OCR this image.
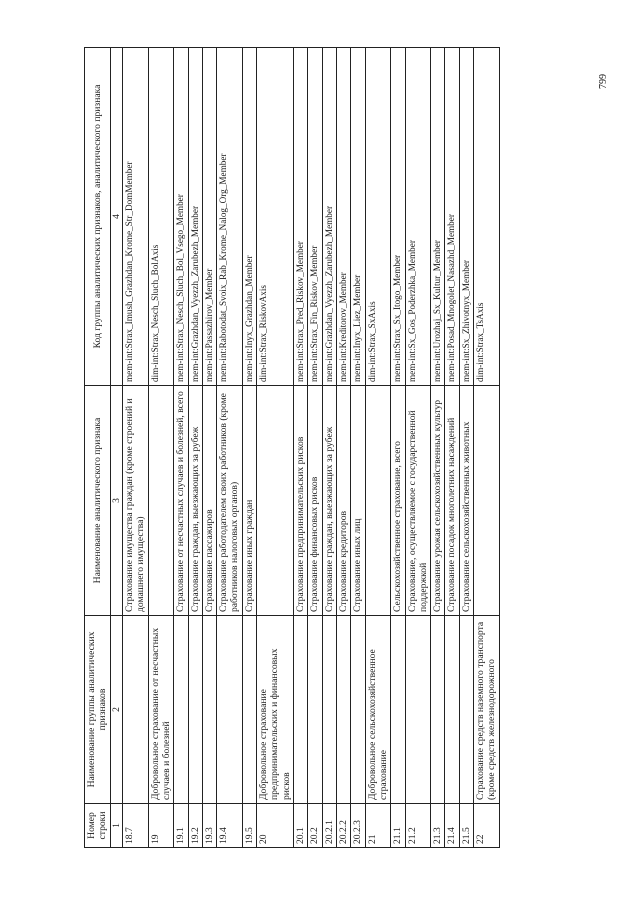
Номер строки	Наименование группы аналитических признаков	Наименование аналитического признака	Код группы аналитических признаков, аналитического признака
1	2	3	4
18.7		Страхование имущества граждан (кроме строений и домашнего имущества)	mem-int:Strax_Imush_Grazhdan_Krome_Str_DomMember
19	Добровольное страхование от несчастных случаев и болезней		dim-int:Strax_Nesch_Sluch_BolAxis
19.1		Страхование от несчастных случаев и болезней, всего	mem-int:Strax_Nesch_Sluch_Bol_Vsego_Member
19.2		Страхование граждан, выезжающих за рубеж	mem-int:Grazhdan_Vyezzh_Zarubezh_Member
19.3		Страхование пассажиров	mem-int:Passazhirov_Member
19.4		Страхование работодателем своих работников (кроме работников налоговых органов)	mem-int:Rabotodat_Svoix_Rab_Krome_Nalog_Org_Member
19.5		Страхование иных граждан	mem-int:Inyx_Grazhdan_Member
20	Добровольное страхование предпринимательских и финансовых рисков		dim-int:Strax_RiskovAxis
20.1		Страхование предпринимательских рисков	mem-int:Strax_Pred_Riskov_Member
20.2		Страхование финансовых рисков	mem-int:Strax_Fin_Riskov_Member
20.2.1		Страхование граждан, выезжающих за рубеж	mem-int:Grazhdan_Vyezzh_Zarubezh_Member
20.2.2		Страхование кредиторов	mem-int:Kreditorov_Member
20.2.3		Страхование иных лиц	mem-int:Inyx_Liez_Member
21	Добровольное сельскохозяйственное страхование		dim-int:Strax_SxAxis
21.1		Сельскохозяйственное страхование, всего	mem-int:Strax_Sx_Itogo_Member
21.2		Страхование, осуществляемое с государственной поддержкой	mem-int:Sx_Gos_Poderzhka_Member
21.3		Страхование урожая сельскохозяйственных культур	mem-int:Urozhaj_Sx_Kultur_Member
21.4		Страхование посадок многолетних насаждений	mem-int:Posad_Mnogolet_Nasazhd_Member
21.5		Страхование сельскохозяйственных животных	mem-int:Sx_Zhivotnyx_Member
22	Страхование средств наземного транспорта (кроме средств железнодорожного		dim-int:Strax_TsAxis
799
